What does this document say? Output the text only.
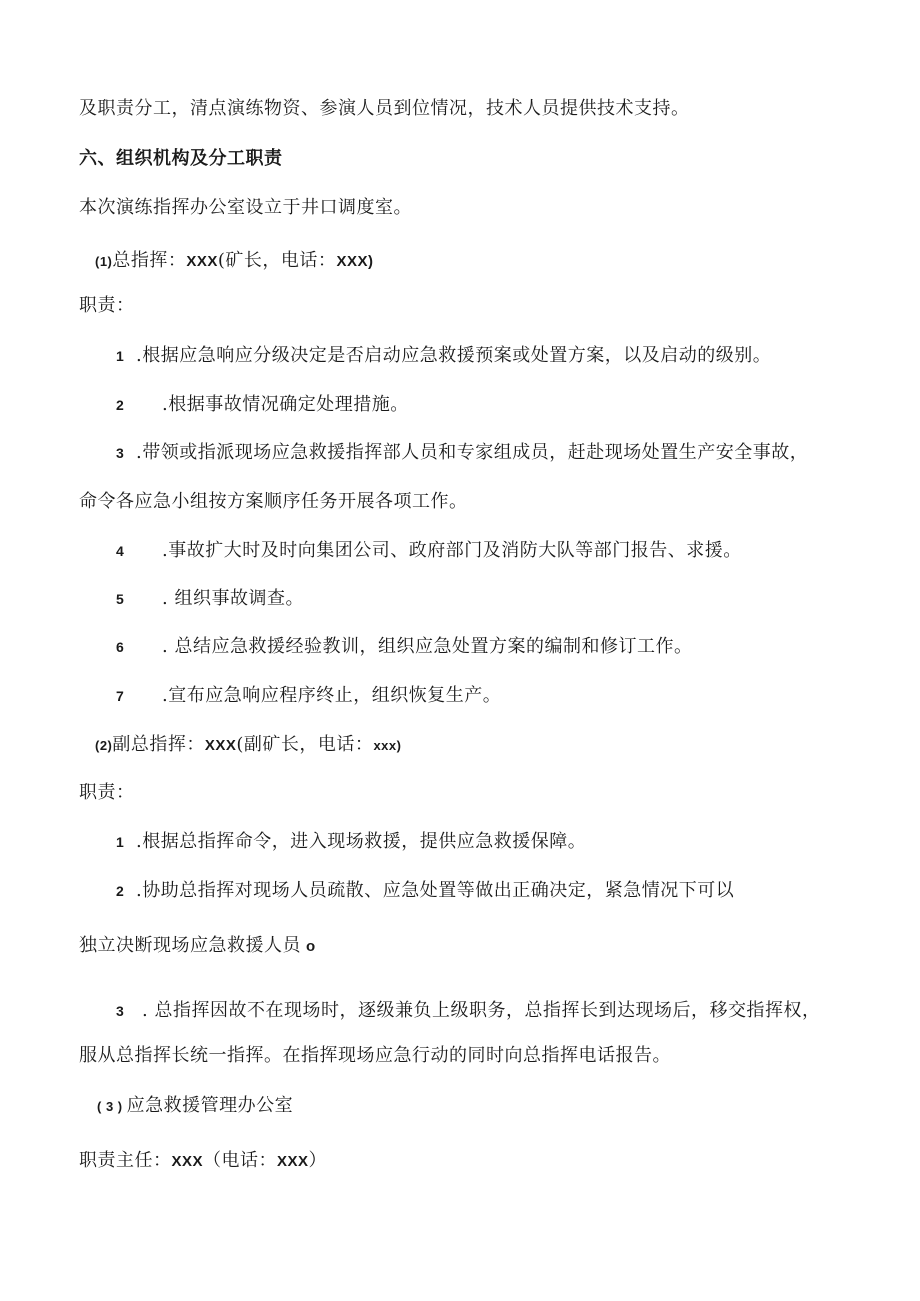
及职责分工，清点演练物资、参演人员到位情况，技术人员提供技术支持。
六、组织机构及分工职责
本次演练指挥办公室设立于井口调度室。
(1)总指挥：XXX(矿长，电话：XXX)
职责：
1 .根据应急响应分级决定是否启动应急救援预案或处置方案，以及启动的级别。
2 .根据事故情况确定处理措施。
3 .带领或指派现场应急救援指挥部人员和专家组成员，赶赴现场处置生产安全事故，
命令各应急小组按方案顺序任务开展各项工作。
4 .事故扩大时及时向集团公司、政府部门及消防大队等部门报告、求援。
5 . 组织事故调查。
6 . 总结应急救援经验教训，组织应急处置方案的编制和修订工作。
7 .宣布应急响应程序终止，组织恢复生产。
(2)副总指挥：XXX(副矿长，电话：xxx)
职责：
1 .根据总指挥命令，进入现场救援，提供应急救援保障。
2 .协助总指挥对现场人员疏散、应急处置等做出正确决定，紧急情况下可以
独立决断现场应急救援人员 o
3 . 总指挥因故不在现场时，逐级兼负上级职务，总指挥长到达现场后，移交指挥权，
服从总指挥长统一指挥。在指挥现场应急行动的同时向总指挥电话报告。
( 3 ) 应急救援管理办公室
职责主任：XXX（电话：XXX）
